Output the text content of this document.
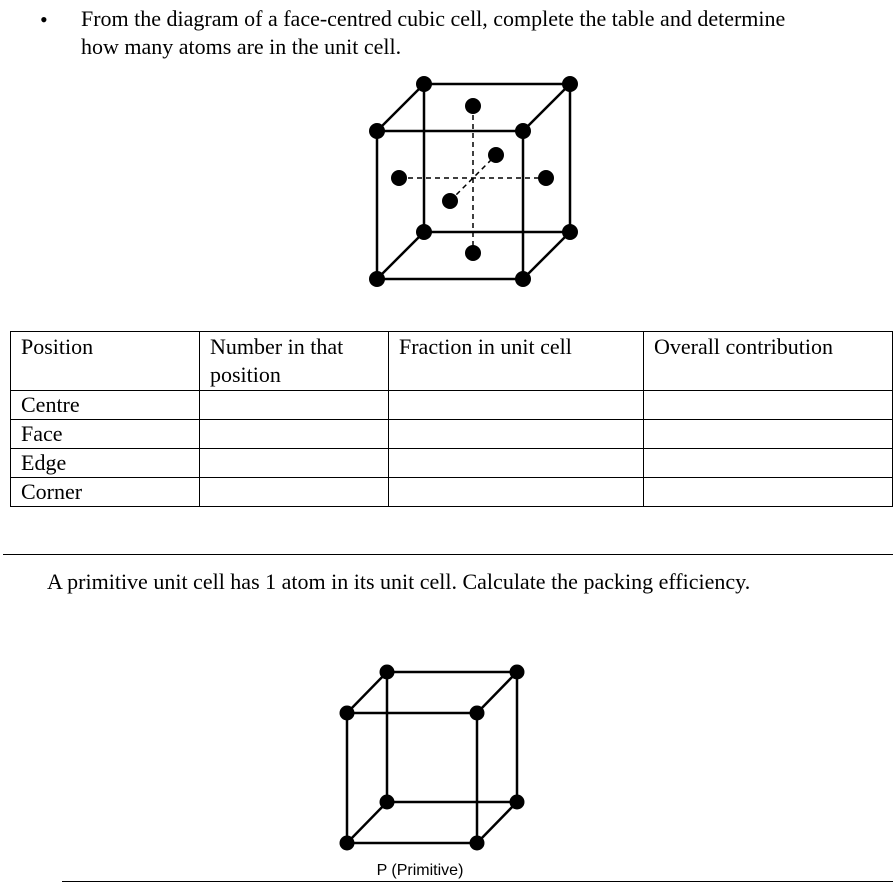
• From the diagram of a face-centred cubic cell, complete the table and determine
how many atoms are in the unit cell.

Position	Number in that position	Fraction in unit cell	Overall contribution
Centre			
Face			
Edge			
Corner			

A primitive unit cell has 1 atom in its unit cell. Calculate the packing efficiency.

P (Primitive)
